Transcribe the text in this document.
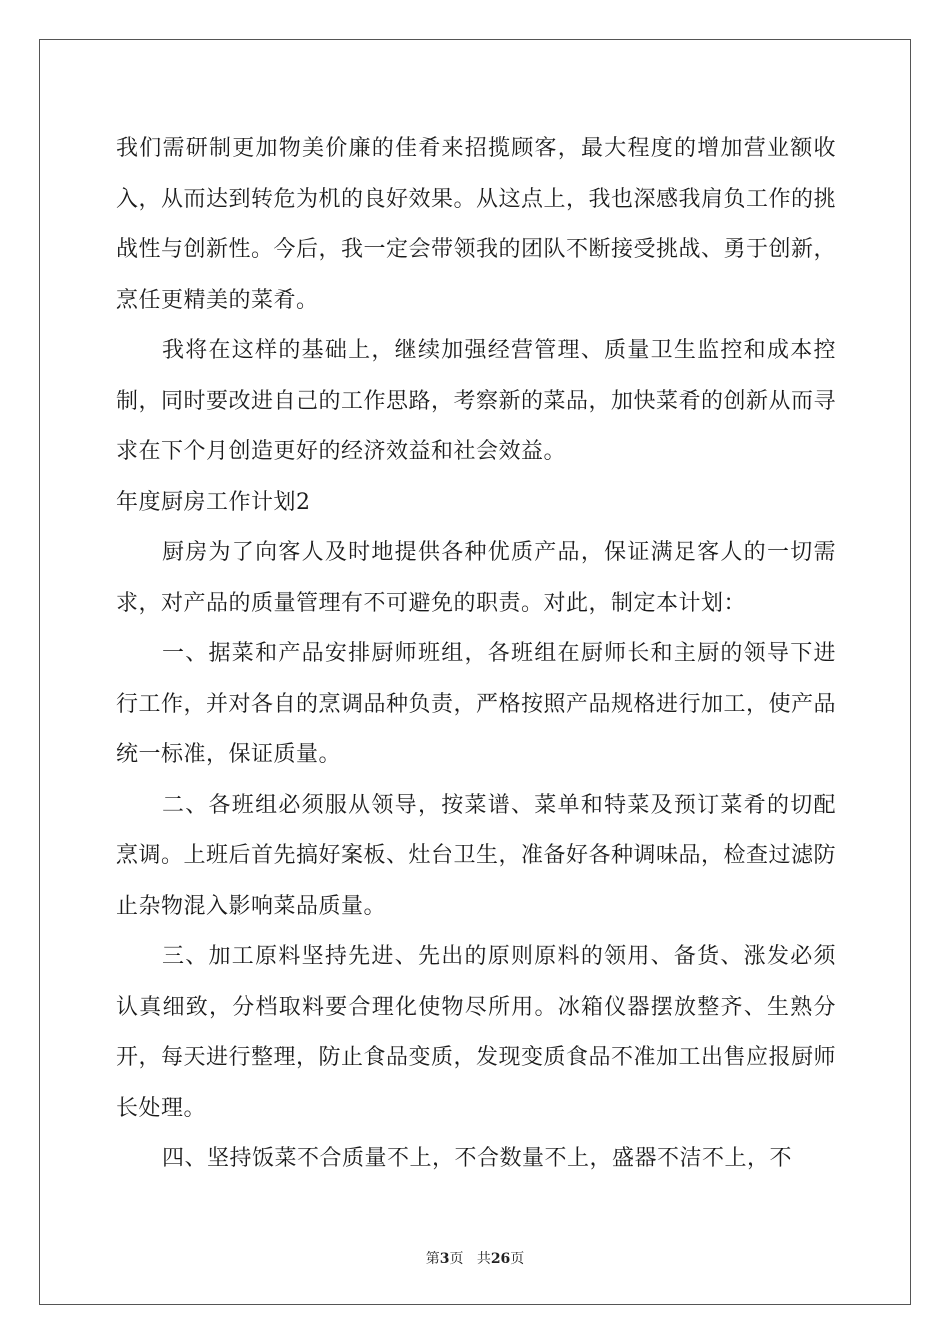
我们需研制更加物美价廉的佳肴来招揽顾客，最大程度的增加营业额收入，从而达到转危为机的良好效果。从这点上，我也深感我肩负工作的挑战性与创新性。今后，我一定会带领我的团队不断接受挑战、勇于创新，烹任更精美的菜肴。

我将在这样的基础上，继续加强经营管理、质量卫生监控和成本控制，同时要改进自己的工作思路，考察新的菜品，加快菜肴的创新从而寻求在下个月创造更好的经济效益和社会效益。

年度厨房工作计划2

厨房为了向客人及时地提供各种优质产品，保证满足客人的一切需求，对产品的质量管理有不可避免的职责。对此，制定本计划：

一、据菜和产品安排厨师班组，各班组在厨师长和主厨的领导下进行工作，并对各自的烹调品种负责，严格按照产品规格进行加工，使产品统一标准，保证质量。

二、各班组必须服从领导，按菜谱、菜单和特菜及预订菜肴的切配烹调。上班后首先搞好案板、灶台卫生，准备好各种调味品，检查过滤防止杂物混入影响菜品质量。

三、加工原料坚持先进、先出的原则原料的领用、备货、涨发必须认真细致，分档取料要合理化使物尽所用。冰箱仪器摆放整齐、生熟分开，每天进行整理，防止食品变质，发现变质食品不准加工出售应报厨师长处理。

四、坚持饭菜不合质量不上，不合数量不上，盛器不洁不上，不

第3页 共26页
